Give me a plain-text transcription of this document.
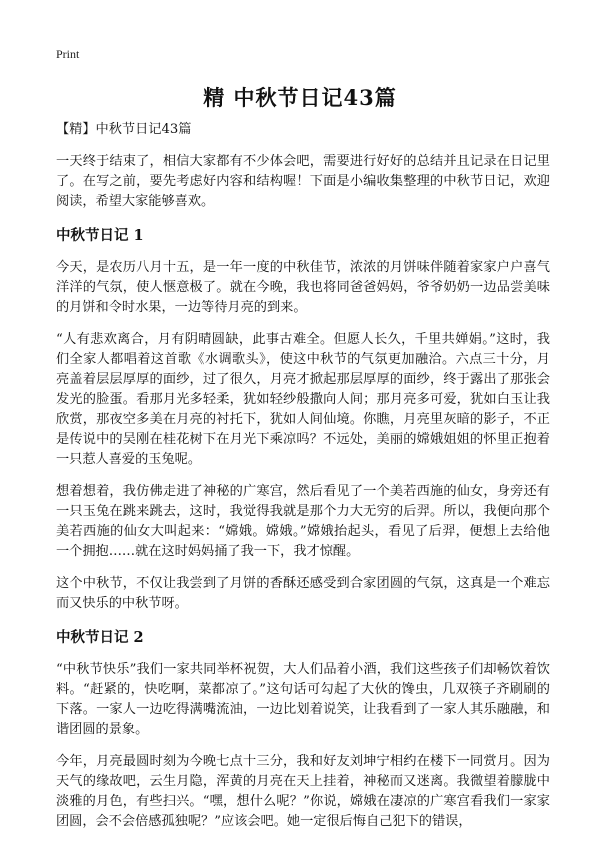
Print
精 中秋节日记43篇

【精】中秋节日记43篇

一天终于结束了，相信大家都有不少体会吧，需要进行好好的总结并且记录在日记里了。在写之前，要先考虑好内容和结构喔！下面是小编收集整理的中秋节日记，欢迎阅读，希望大家能够喜欢。

中秋节日记 1

今天，是农历八月十五，是一年一度的中秋佳节，浓浓的月饼味伴随着家家户户喜气洋洋的气氛，使人惬意极了。就在今晚，我也将同爸爸妈妈，爷爷奶奶一边品尝美味的月饼和令时水果，一边等待月亮的到来。

“人有悲欢离合，月有阴晴圆缺，此事古难全。但愿人长久，千里共婵娟。”这时，我们全家人都唱着这首歌《水调歌头》，使这中秋节的气氛更加融洽。六点三十分，月亮盖着层层厚厚的面纱，过了很久，月亮才掀起那层厚厚的面纱，终于露出了那张会发光的脸蛋。看那月光多轻柔，犹如轻纱般撒向人间；那月亮多可爱，犹如白玉让我欣赏，那夜空多美在月亮的衬托下，犹如人间仙境。你瞧，月亮里灰暗的影子，不正是传说中的吴刚在桂花树下在月光下乘凉吗？不远处，美丽的嫦娥姐姐的怀里正抱着一只惹人喜爱的玉兔呢。

想着想着，我仿佛走进了神秘的广寒宫，然后看见了一个美若西施的仙女，身旁还有一只玉兔在跳来跳去，这时，我觉得我就是那个力大无穷的后羿。所以，我便向那个美若西施的仙女大叫起来：“嫦娥。嫦娥。”嫦娥抬起头，看见了后羿，便想上去给他一个拥抱……就在这时妈妈捅了我一下，我才惊醒。

这个中秋节，不仅让我尝到了月饼的香酥还感受到合家团圆的气氛，这真是一个难忘而又快乐的中秋节呀。

中秋节日记 2

“中秋节快乐”我们一家共同举杯祝贺，大人们品着小酒，我们这些孩子们却畅饮着饮料。“赶紧的，快吃啊，菜都凉了。”这句话可勾起了大伙的馋虫，几双筷子齐刷刷的下落。一家人一边吃得满嘴流油，一边比划着说笑，让我看到了一家人其乐融融，和谐团圆的景象。

今年，月亮最圆时刻为今晚七点十三分，我和好友刘坤宁相约在楼下一同赏月。因为天气的缘故吧，云生月隐，浑黄的月亮在天上挂着，神秘而又迷离。我微望着朦胧中淡雅的月色，有些扫兴。“嘿，想什么呢？”你说，嫦娥在凄凉的广寒宫看我们一家家团圆，会不会倍感孤独呢？”应该会吧。她一定很后悔自己犯下的错误，
